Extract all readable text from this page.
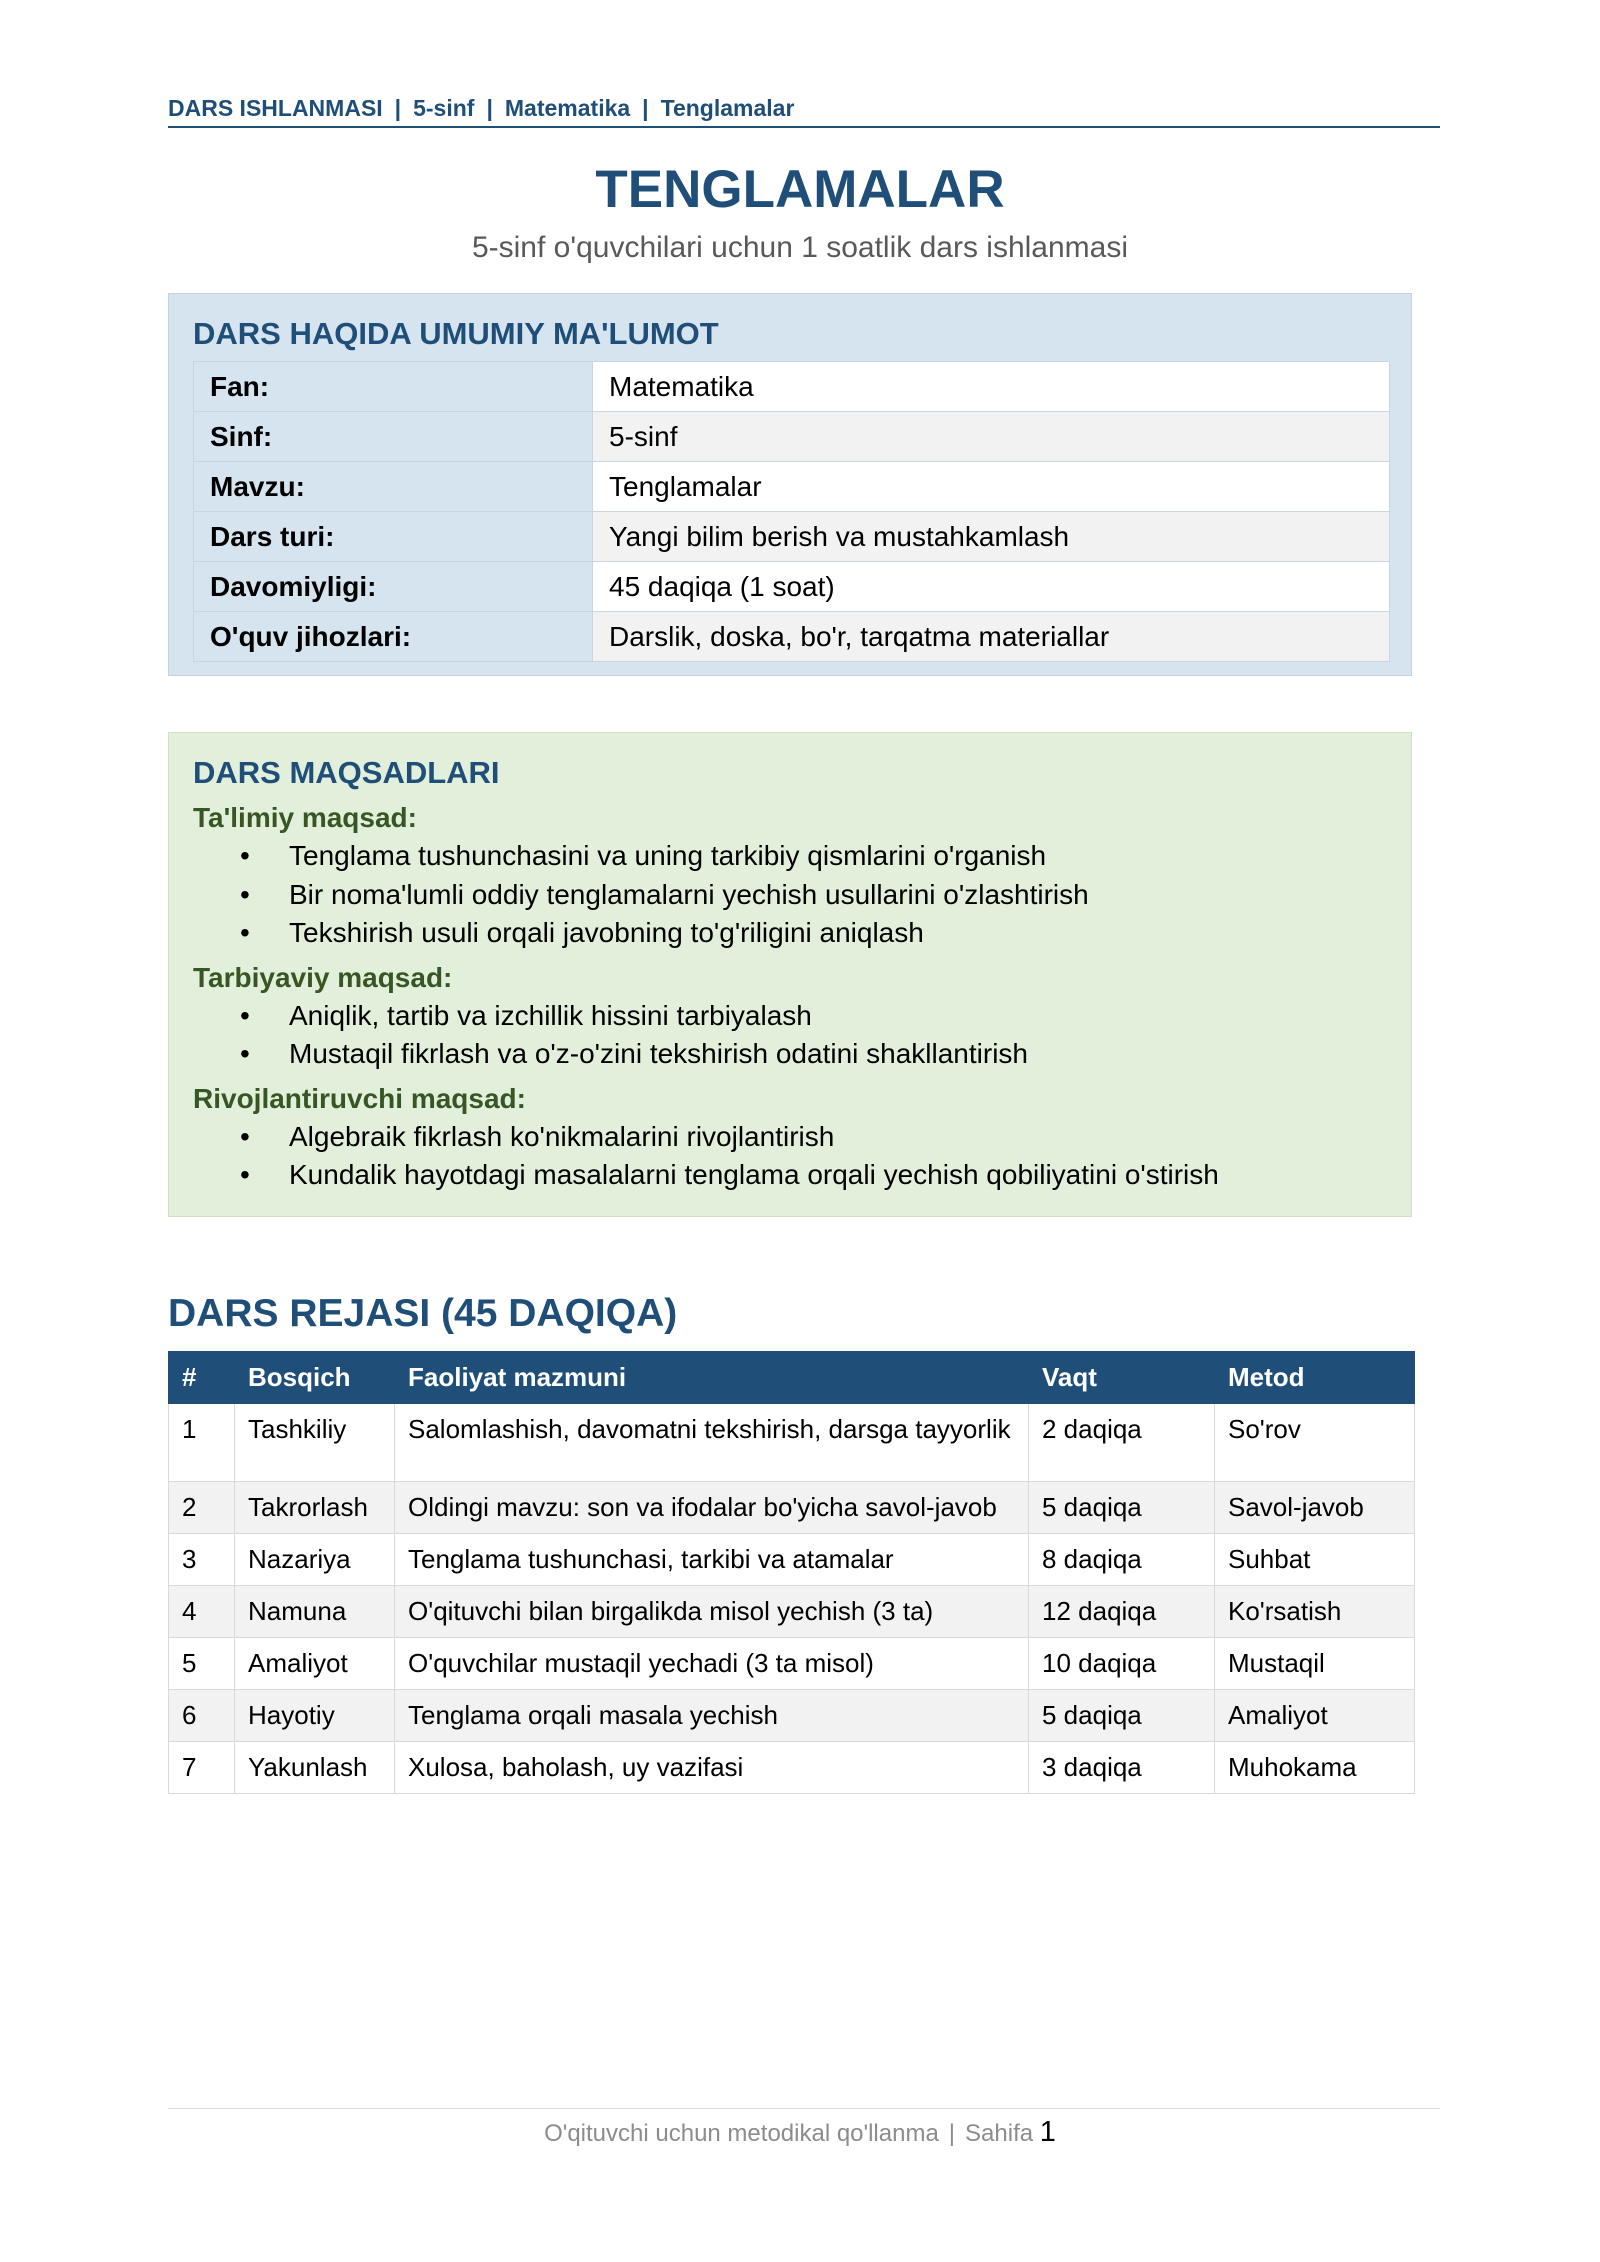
DARS ISHLANMASI | 5-sinf | Matematika | Tenglamalar
TENGLAMALAR
5-sinf o'quvchilari uchun 1 soatlik dars ishlanmasi
DARS HAQIDA UMUMIY MA'LUMOT
Fan:	Matematika
Sinf:	5-sinf
Mavzu:	Tenglamalar
Dars turi:	Yangi bilim berish va mustahkamlash
Davomiyligi:	45 daqiqa (1 soat)
O'quv jihozlari:	Darslik, doska, bo'r, tarqatma materiallar
DARS MAQSADLARI
Ta'limiy maqsad:
• Tenglama tushunchasini va uning tarkibiy qismlarini o'rganish
• Bir noma'lumli oddiy tenglamalarni yechish usullarini o'zlashtirish
• Tekshirish usuli orqali javobning to'g'riligini aniqlash
Tarbiyaviy maqsad:
• Aniqlik, tartib va izchillik hissini tarbiyalash
• Mustaqil fikrlash va o'z-o'zini tekshirish odatini shakllantirish
Rivojlantiruvchi maqsad:
• Algebraik fikrlash ko'nikmalarini rivojlantirish
• Kundalik hayotdagi masalalarni tenglama orqali yechish qobiliyatini o'stirish
DARS REJASI (45 DAQIQA)
#	Bosqich	Faoliyat mazmuni	Vaqt	Metod
1	Tashkiliy	Salomlashish, davomatni tekshirish, darsga tayyorlik	2 daqiqa	So'rov
2	Takrorlash	Oldingi mavzu: son va ifodalar bo'yicha savol-javob	5 daqiqa	Savol-javob
3	Nazariya	Tenglama tushunchasi, tarkibi va atamalar	8 daqiqa	Suhbat
4	Namuna	O'qituvchi bilan birgalikda misol yechish (3 ta)	12 daqiqa	Ko'rsatish
5	Amaliyot	O'quvchilar mustaqil yechadi (3 ta misol)	10 daqiqa	Mustaqil
6	Hayotiy	Tenglama orqali masala yechish	5 daqiqa	Amaliyot
7	Yakunlash	Xulosa, baholash, uy vazifasi	3 daqiqa	Muhokama
O'qituvchi uchun metodikal qo'llanma | Sahifa 1
